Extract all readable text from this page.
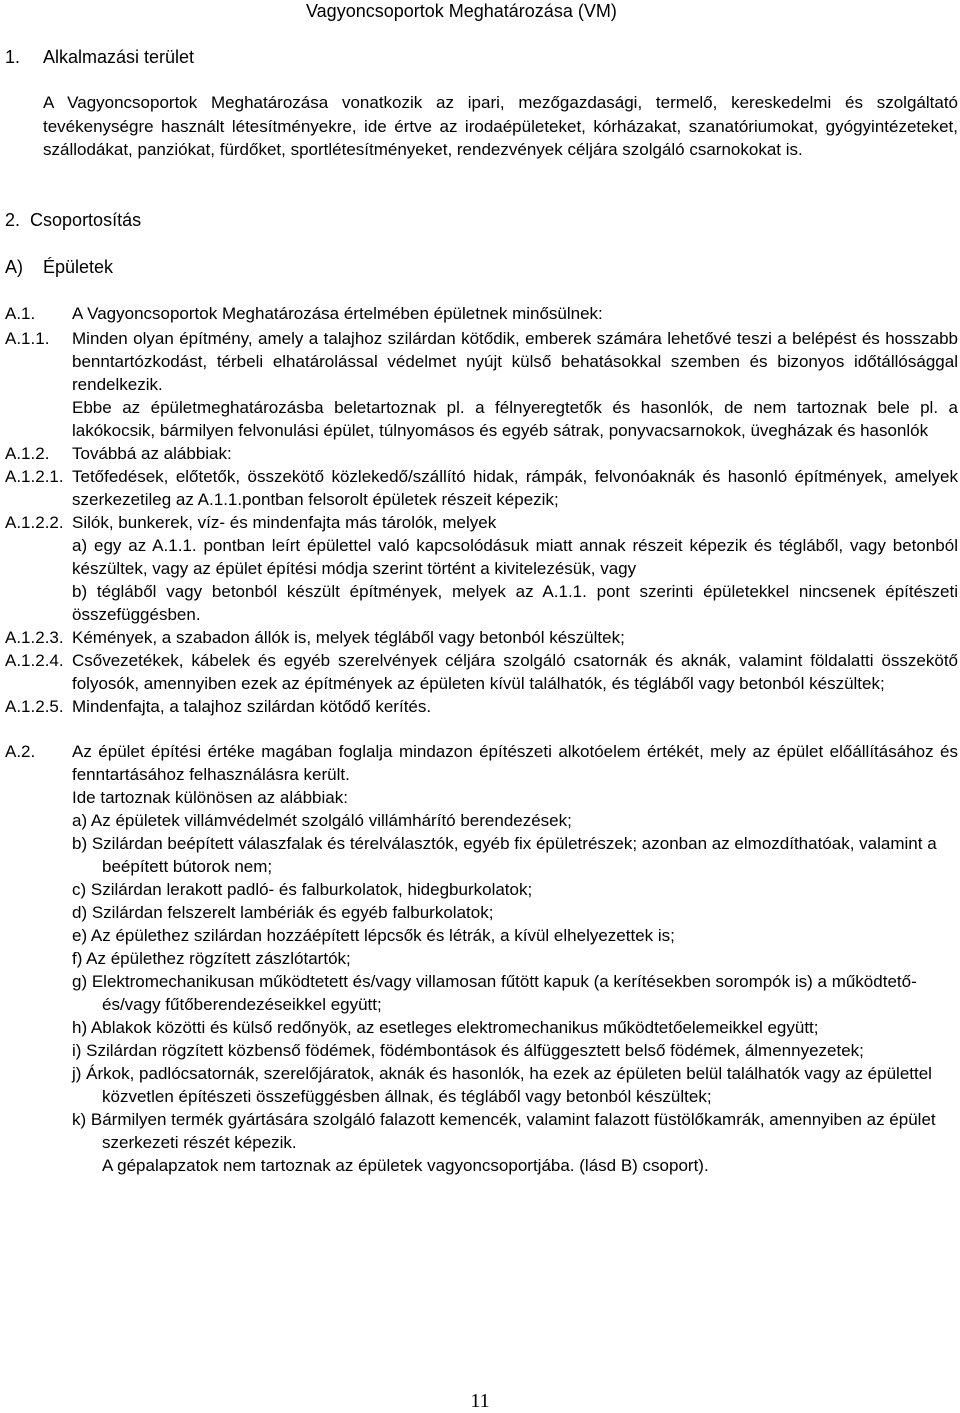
Vagyoncsoportok Meghatározása (VM)
1. Alkalmazási terület
A Vagyoncsoportok Meghatározása vonatkozik az ipari, mezőgazdasági, termelő, kereskedelmi és szolgáltató tevékenységre használt létesítményekre, ide értve az irodaépületeket, kórházakat, szanatóriumokat, gyógyintézeteket, szállodákat, panziókat, fürdőket, sportlétesítményeket, rendezvények céljára szolgáló csarnokokat is.
2. Csoportosítás
A) Épületek
A.1. A Vagyoncsoportok Meghatározása értelmében épületnek minősülnek:
A.1.1. Minden olyan építmény, amely a talajhoz szilárdan kötődik, emberek számára lehetővé teszi a belépést és hosszabb benntartózkodást, térbeli elhatárolással védelmet nyújt külső behatásokkal szemben és bizonyos időtállósággal rendelkezik.
Ebbe az épületmeghatározásba beletartoznak pl. a félnyeregtetők és hasonlók, de nem tartoznak bele pl. a lakókocsik, bármilyen felvonulási épület, túlnyomásos és egyéb sátrak, ponyvacsarnokok, üvegházak és hasonlók
A.1.2. Továbbá az alábbiak:
A.1.2.1. Tetőfedések, előtetők, összekötő közlekedő/szállító hidak, rámpák, felvonóaknák és hasonló építmények, amelyek szerkezetileg az A.1.1.pontban felsorolt épületek részeit képezik;
A.1.2.2. Silók, bunkerek, víz- és mindenfajta más tárolók, melyek
a) egy az A.1.1. pontban leírt épülettel való kapcsolódásuk miatt annak részeit képezik és tégláből, vagy betonból készültek, vagy az épület építési módja szerint történt a kivitelezésük, vagy
b) tégláből vagy betonból készült építmények, melyek az A.1.1. pont szerinti épületekkel nincsenek építészeti összefüggésben.
A.1.2.3. Kémények, a szabadon állók is, melyek tégláből vagy betonból készültek;
A.1.2.4. Csővezetékek, kábelek és egyéb szerelvények céljára szolgáló csatornák és aknák, valamint földalatti összekötő folyosók, amennyiben ezek az építmények az épületen kívül találhatók, és tégláből vagy betonból készültek;
A.1.2.5. Mindenfajta, a talajhoz szilárdan kötődő kerítés.
A.2. Az épület építési értéke magában foglalja mindazon építészeti alkotóelem értékét, mely az épület előállításához és fenntartásához felhasználásra került.
Ide tartoznak különösen az alábbiak:
a) Az épületek villámvédelmét szolgáló villámhárító berendezések;
b) Szilárdan beépített válaszfalak és térelválasztók, egyéb fix épületrészek; azonban az elmozdíthatóak, valamint a beépített bútorok nem;
c) Szilárdan lerakott padló- és falburkolatok, hidegburkolatok;
d) Szilárdan felszerelt lambériák és egyéb falburkolatok;
e) Az épülethez szilárdan hozzáépített lépcsők és létrák, a kívül elhelyezettek is;
f) Az épülethez rögzített zászlótartók;
g) Elektromechanikusan működtetett és/vagy villamosan fűtött kapuk (a kerítésekben sorompók is) a működtető- és/vagy fűtőberendezéseikkel együtt;
h) Ablakok közötti és külső redőnyök, az esetleges elektromechanikus működtetőelemeikkel együtt;
i) Szilárdan rögzített közbenső födémek, födémbontások és álfüggesztett belső födémek, álmennyezetek;
j) Árkok, padlócsatornák, szerelőjáratok, aknák és hasonlók, ha ezek az épületen belül találhatók vagy az épülettel közvetlen építészeti összefüggésben állnak, és tégláből vagy betonból készültek;
k) Bármilyen termék gyártására szolgáló falazott kemencék, valamint falazott füstölőkamrák, amennyiben az épület szerkezeti részét képezik.
A gépalapzatok nem tartoznak az épületek vagyoncsoportjába. (lásd B) csoport).
11
